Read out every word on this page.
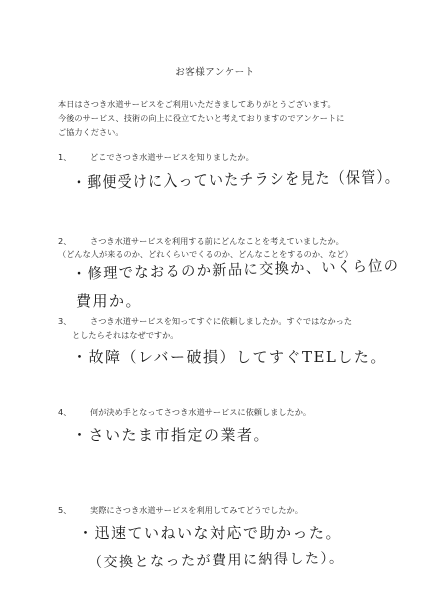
お客様アンケート
本日はさつき水道サービスをご利用いただきましてありがとうございます。
今後のサービス、技術の向上に役立てたいと考えておりますのでアンケートに
ご協力ください。
1、 どこでさつき水道サービスを知りましたか。
・郵便受けに入っていたチラシを見た（保管）。
2、 さつき水道サービスを利用する前にどんなことを考えていましたか。
（どんな人が来るのか、どれくらいでくるのか、どんなことをするのか、など）
・修理でなおるのか新品に交換か、いくら位の
費用か。
3、 さつき水道サービスを知ってすぐに依頼しましたか。すぐではなかった
としたらそれはなぜですか。
・故障（レバー破損）してすぐTELした。
4、 何が決め手となってさつき水道サービスに依頼しましたか。
・さいたま市指定の業者。
5、 実際にさつき水道サービスを利用してみてどうでしたか。
・迅速ていねいな対応で助かった。
（交換となったが費用に納得した）。
